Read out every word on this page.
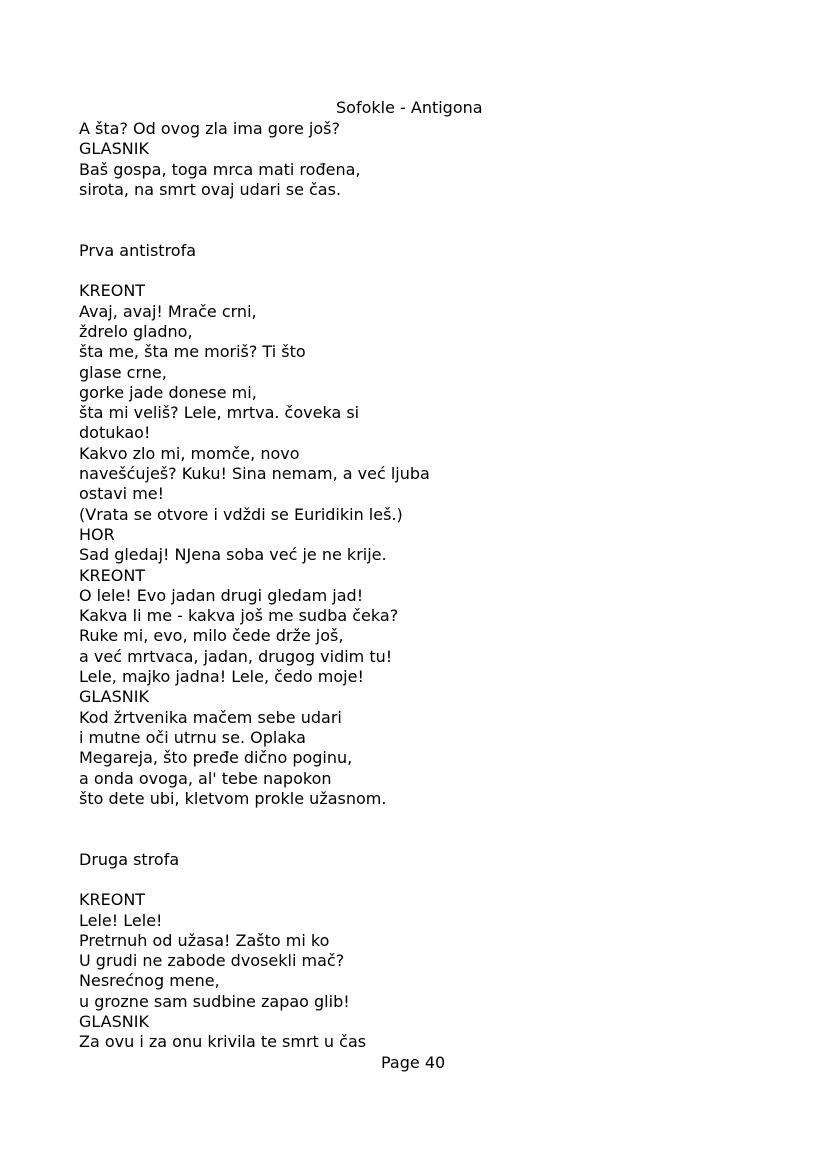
Sofokle - Antigona
A šta? Od ovog zla ima gore još?
GLASNIK
Baš gospa, toga mrca mati rođena,
sirota, na smrt ovaj udari se čas.
Prva antistrofa
KREONT
Avaj, avaj! Mrače crni,
ždrelo gladno,
šta me, šta me moriš? Ti što
glase crne,
gorke jade donese mi,
šta mi veliš? Lele, mrtva. čoveka si
dotukao!
Kakvo zlo mi, momče, novo
navešćuješ? Kuku! Sina nemam, a već ljuba
ostavi me!
(Vrata se otvore i vdždi se Euridikin leš.)
HOR
Sad gledaj! NJena soba već je ne krije.
KREONT
O lele! Evo jadan drugi gledam jad!
Kakva li me - kakva još me sudba čeka?
Ruke mi, evo, milo čede drže još,
a već mrtvaca, jadan, drugog vidim tu!
Lele, majko jadna! Lele, čedo moje!
GLASNIK
Kod žrtvenika mačem sebe udari
i mutne oči utrnu se. Oplaka
Megareja, što pređe dično poginu,
a onda ovoga, al' tebe napokon
što dete ubi, kletvom prokle užasnom.
Druga strofa
KREONT
Lele! Lele!
Pretrnuh od užasa! Zašto mi ko
U grudi ne zabode dvosekli mač?
Nesrećnog mene,
u grozne sam sudbine zapao glib!
GLASNIK
Za ovu i za onu krivila te smrt u čas
Page 40
